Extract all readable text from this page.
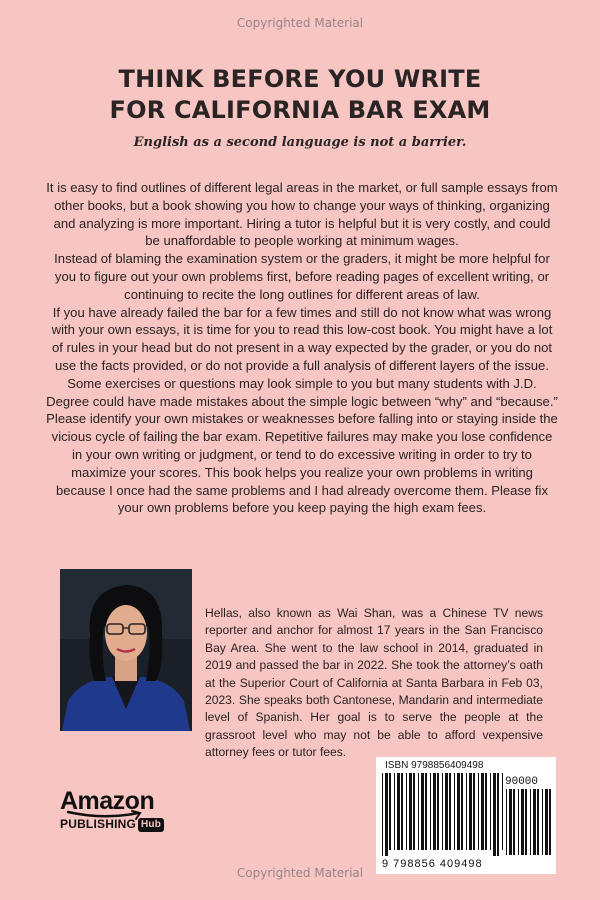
Copyrighted Material
THINK BEFORE YOU WRITE
FOR CALIFORNIA BAR EXAM
English as a second language is not a barrier.

It is easy to find outlines of different legal areas in the market, or full sample essays from other books, but a book showing you how to change your ways of thinking, organizing and analyzing is more important. Hiring a tutor is helpful but it is very costly, and could be unaffordable to people working at minimum wages.

Instead of blaming the examination system or the graders, it might be more helpful for you to figure out your own problems first, before reading pages of excellent writing, or continuing to recite the long outlines for different areas of law.

If you have already failed the bar for a few times and still do not know what was wrong with your own essays, it is time for you to read this low-cost book. You might have a lot of rules in your head but do not present in a way expected by the grader, or you do not use the facts provided, or do not provide a full analysis of different layers of the issue. Some exercises or questions may look simple to you but many students with J.D. Degree could have made mistakes about the simple logic between “why” and “because.”

Please identify your own mistakes or weaknesses before falling into or staying inside the vicious cycle of failing the bar exam. Repetitive failures may make you lose confidence in your own writing or judgment, or tend to do excessive writing in order to try to maximize your scores. This book helps you realize your own problems in writing because I once had the same problems and I had already overcome them. Please fix your own problems before you keep paying the high exam fees.

Hellas, also known as Wai Shan, was a Chinese TV news reporter and anchor for almost 17 years in the San Francisco Bay Area. She went to the law school in 2014, graduated in 2019 and passed the bar in 2022. She took the attorney’s oath at the Superior Court of California at Santa Barbara in Feb 03, 2023. She speaks both Cantonese, Mandarin and intermediate level of Spanish. Her goal is to serve the people at the grassroot level who may not be able to afford vexpensive attorney fees or tutor fees.
Amazon
PUBLISHING Hub
ISBN 9798856409498
90000
9 798856 409498
Copyrighted Material
